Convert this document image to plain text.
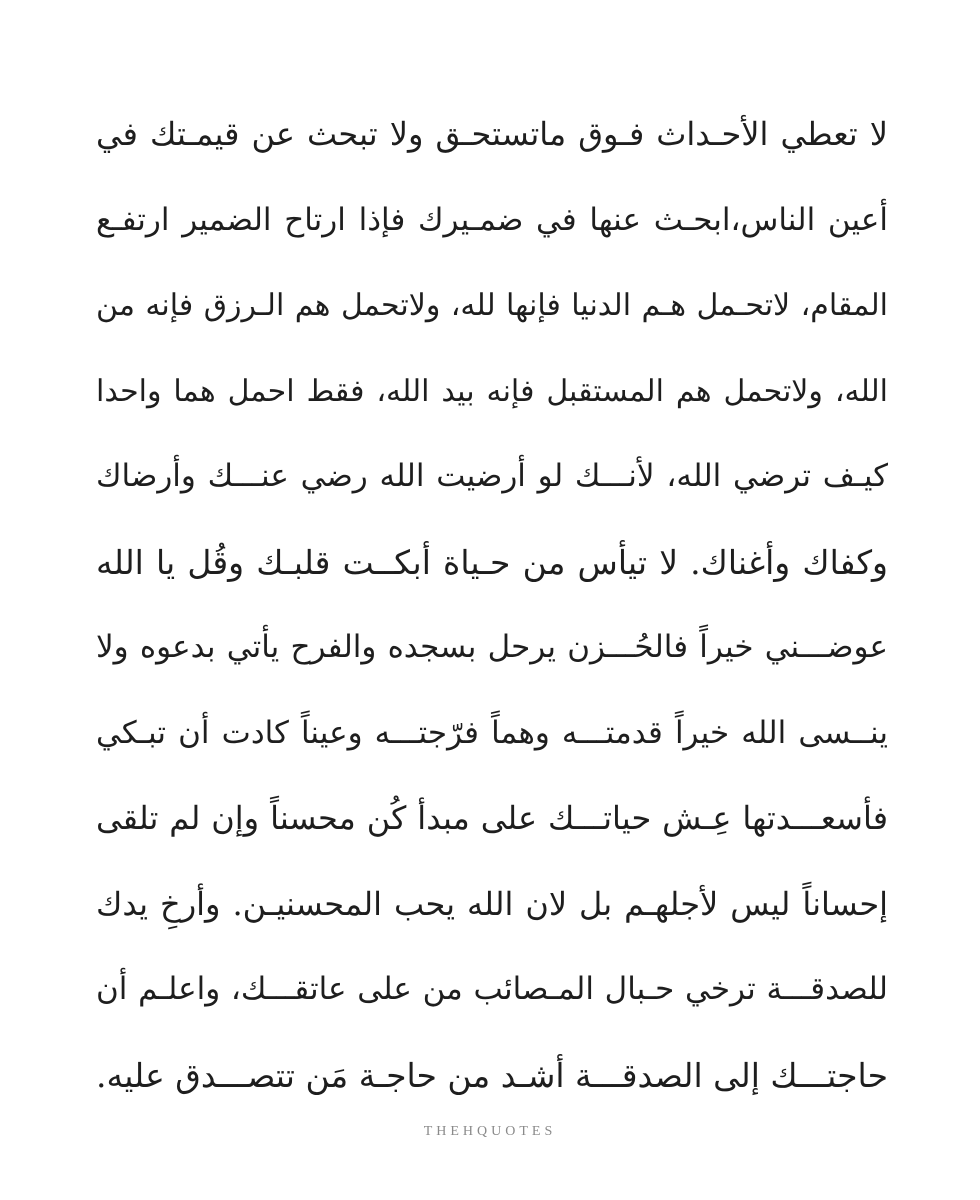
لا تعطي الأحـداث فـوق ماتستحـق ولا تبحث عن قيمـتك في
أعين الناس،ابحـث عنها في ضمـيرك فإذا ارتاح الضمير ارتفـع
المقام، لاتحـمل هـم الدنيا فإنها لله، ولاتحمل هم الـرزق فإنه من
الله، ولاتحمل هم المستقبل فإنه بيد الله، فقط احمل هما واحدا
كيـف ترضي الله، لأنـــك لو أرضيت الله رضي عنـــك وأرضاك
وكفاك وأغناك. لا تيأس من حـياة أبكــت قلبـك وقُل يا الله
عوضـــني خيراً فالحُـــزن يرحل بسجده والفرح يأتي بدعوه ولا
ينــسى الله خيراً قدمتـــه وهماً فرّجتـــه وعيناً كادت أن تبـكي
فأسعـــدتها عِـش حياتـــك على مبدأ كُن محسناً وإن لم تلقى
إحساناً ليس لأجلهـم بل لان الله يحب المحسنيـن. وأرخِ يدك
للصدقـــة ترخي حـبال المـصائب من على عاتقـــك، واعلـم أن
حاجتـــك إلى الصدقـــة أشـد من حاجـة مَن تتصـــدق عليه.
THEHQUOTES
